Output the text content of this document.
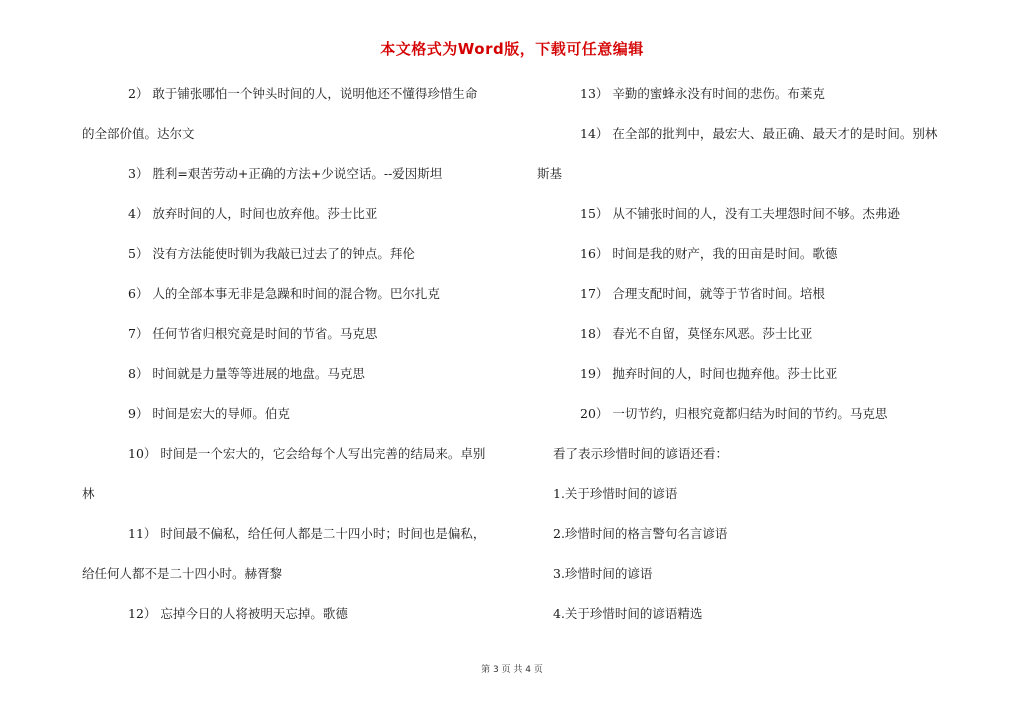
本文格式为Word版，下载可任意编辑
2） 敢于铺张哪怕一个钟头时间的人，说明他还不懂得珍惜生命
的全部价值。达尔文
3） 胜利=艰苦劳动+正确的方法+少说空话。--爱因斯坦
4） 放弃时间的人，时间也放弃他。莎士比亚
5） 没有方法能使时钏为我敲已过去了的钟点。拜伦
6） 人的全部本事无非是急躁和时间的混合物。巴尔扎克
7） 任何节省归根究竟是时间的节省。马克思
8） 时间就是力量等等进展的地盘。马克思
9） 时间是宏大的导师。伯克
10） 时间是一个宏大的，它会给每个人写出完善的结局来。卓别
林
11） 时间最不偏私，给任何人都是二十四小时；时间也是偏私，
给任何人都不是二十四小时。赫胥黎
12） 忘掉今日的人将被明天忘掉。歌德
13） 辛勤的蜜蜂永没有时间的悲伤。布莱克
14） 在全部的批判中，最宏大、最正确、最天才的是时间。别林
斯基
15） 从不铺张时间的人，没有工夫埋怨时间不够。杰弗逊
16） 时间是我的财产，我的田亩是时间。歌德
17） 合理支配时间，就等于节省时间。培根
18） 春光不自留，莫怪东风恶。莎士比亚
19） 抛弃时间的人，时间也抛弃他。莎士比亚
20） 一切节约，归根究竟都归结为时间的节约。马克思
看了表示珍惜时间的谚语还看：
1.关于珍惜时间的谚语
2.珍惜时间的格言警句名言谚语
3.珍惜时间的谚语
4.关于珍惜时间的谚语精选
第 3 页 共 4 页
